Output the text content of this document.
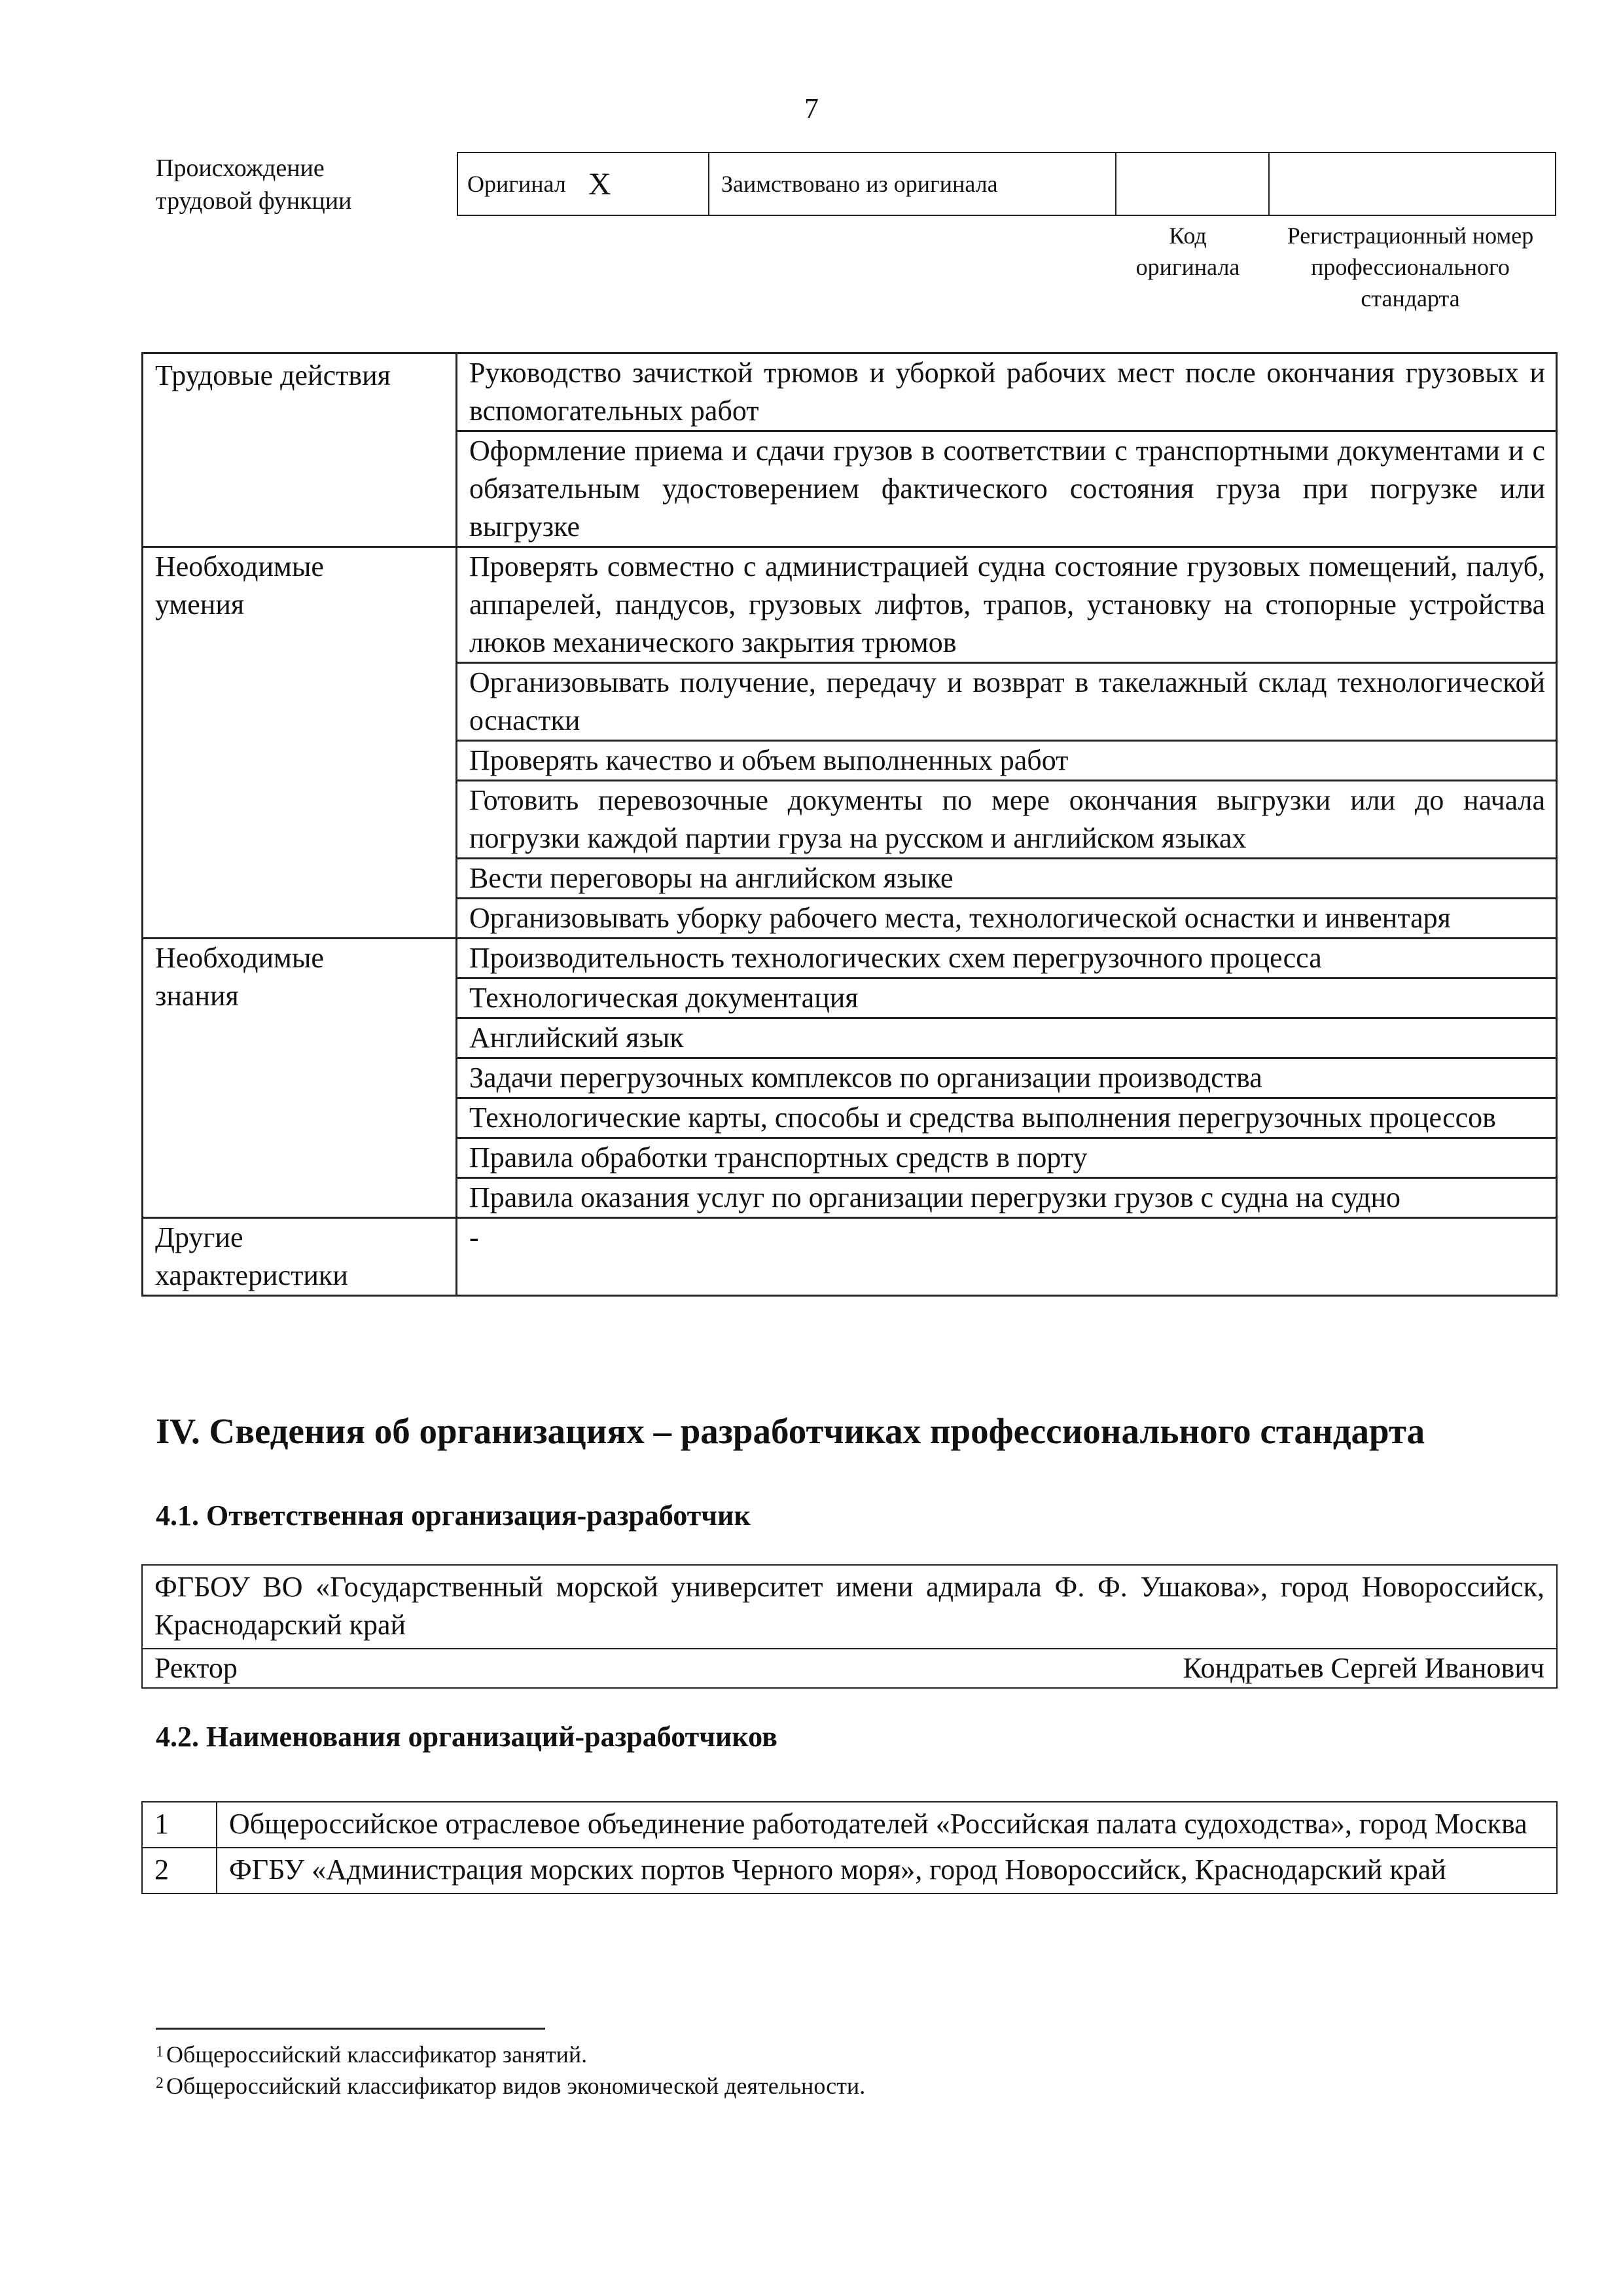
7
Происхождение
трудовой функции
Оригинал X	Заимствовано из оригинала
Код
оригинала
Регистрационный номер
профессионального
стандарта
Трудовые действия	Руководство зачисткой трюмов и уборкой рабочих мест после окончания грузовых и вспомогательных работ
	Оформление приема и сдачи грузов в соответствии с транспортными документами и с обязательным удостоверением фактического состояния груза при погрузке или выгрузке
Необходимые
умения	Проверять совместно с администрацией судна состояние грузовых помещений, палуб, аппарелей, пандусов, грузовых лифтов, трапов, установку на стопорные устройства люков механического закрытия трюмов
	Организовывать получение, передачу и возврат в такелажный склад технологической оснастки
	Проверять качество и объем выполненных работ
	Готовить перевозочные документы по мере окончания выгрузки или до начала погрузки каждой партии груза на русском и английском языках
	Вести переговоры на английском языке
	Организовывать уборку рабочего места, технологической оснастки и инвентаря
Необходимые
знания	Производительность технологических схем перегрузочного процесса
	Технологическая документация
	Английский язык
	Задачи перегрузочных комплексов по организации производства
	Технологические карты, способы и средства выполнения перегрузочных процессов
	Правила обработки транспортных средств в порту
	Правила оказания услуг по организации перегрузки грузов с судна на судно
Другие
характеристики	-
IV. Сведения об организациях – разработчиках профессионального стандарта
4.1. Ответственная организация-разработчик
ФГБОУ ВО «Государственный морской университет имени адмирала Ф. Ф. Ушакова», город Новороссийск, Краснодарский край
Ректор	Кондратьев Сергей Иванович
4.2. Наименования организаций-разработчиков
1	Общероссийское отраслевое объединение работодателей «Российская палата судоходства», город Москва
2	ФГБУ «Администрация морских портов Черного моря», город Новороссийск, Краснодарский край
$^1$ Общероссийский классификатор занятий.
$^2$ Общероссийский классификатор видов экономической деятельности.
